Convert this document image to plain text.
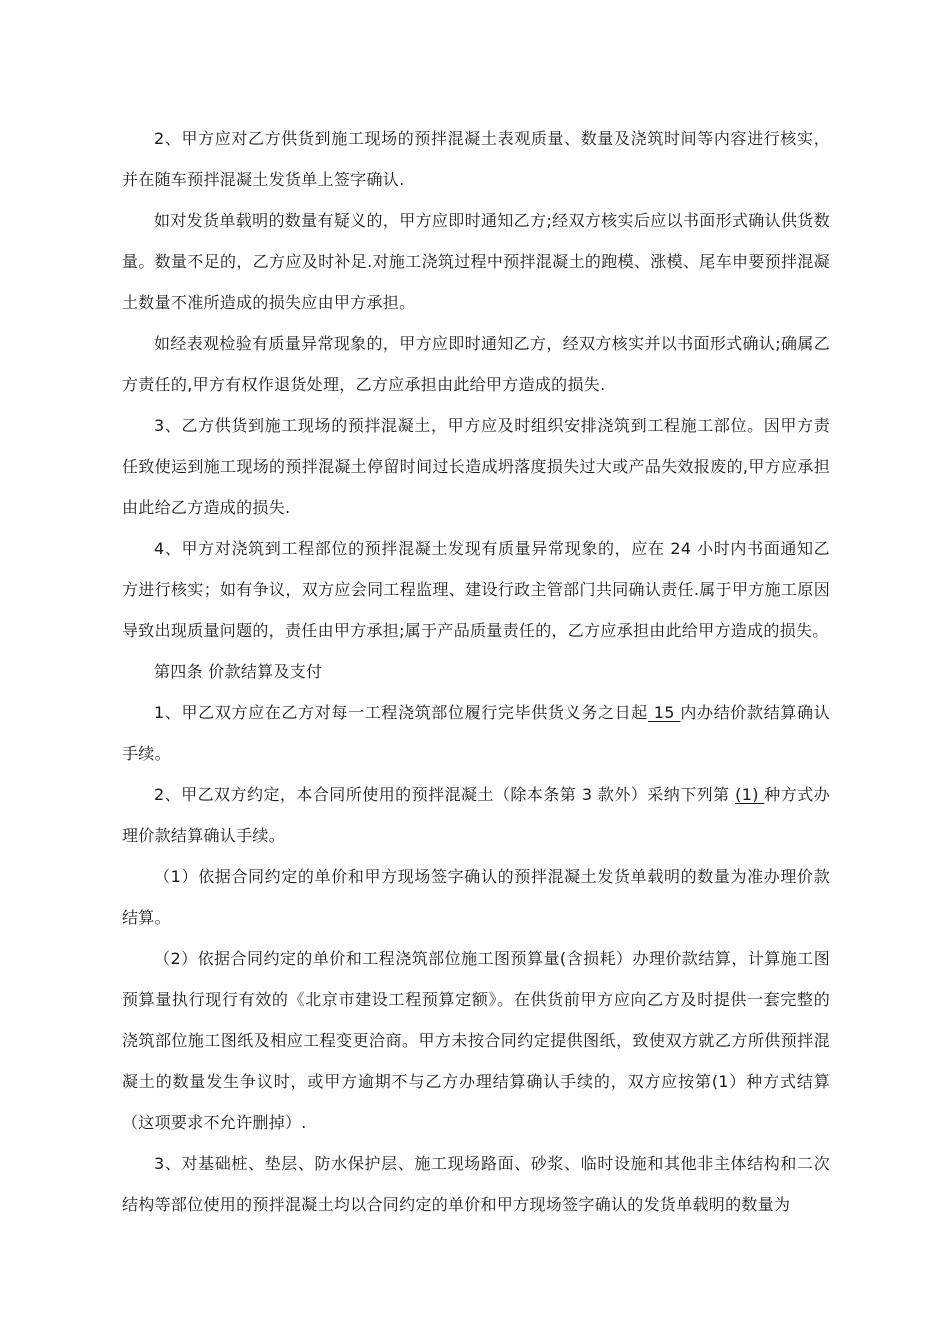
2、甲方应对乙方供货到施工现场的预拌混凝土表观质量、数量及浇筑时间等内容进行核实，并在随车预拌混凝土发货单上签字确认.

如对发货单载明的数量有疑义的，甲方应即时通知乙方;经双方核实后应以书面形式确认供货数量。数量不足的，乙方应及时补足.对施工浇筑过程中预拌混凝土的跑模、涨模、尾车申要预拌混凝土数量不准所造成的损失应由甲方承担。

如经表观检验有质量异常现象的，甲方应即时通知乙方，经双方核实并以书面形式确认;确属乙方责任的,甲方有权作退货处理，乙方应承担由此给甲方造成的损失.

3、乙方供货到施工现场的预拌混凝土，甲方应及时组织安排浇筑到工程施工部位。因甲方责任致使运到施工现场的预拌混凝土停留时间过长造成坍落度损失过大或产品失效报废的,甲方应承担由此给乙方造成的损失.

4、甲方对浇筑到工程部位的预拌混凝土发现有质量异常现象的，应在 24 小时内书面通知乙方进行核实；如有争议，双方应会同工程监理、建设行政主管部门共同确认责任.属于甲方施工原因导致出现质量问题的，责任由甲方承担;属于产品质量责任的，乙方应承担由此给甲方造成的损失。

第四条 价款结算及支付

1、甲乙双方应在乙方对每一工程浇筑部位履行完毕供货义务之日起 15 内办结价款结算确认手续。

2、甲乙双方约定，本合同所使用的预拌混凝土（除本条第 3 款外）采纳下列第 (1) 种方式办理价款结算确认手续。

（1）依据合同约定的单价和甲方现场签字确认的预拌混凝土发货单载明的数量为准办理价款结算。

（2）依据合同约定的单价和工程浇筑部位施工图预算量(含损耗）办理价款结算，计算施工图预算量执行现行有效的《北京市建设工程预算定额》。在供货前甲方应向乙方及时提供一套完整的浇筑部位施工图纸及相应工程变更洽商。甲方未按合同约定提供图纸，致使双方就乙方所供预拌混凝土的数量发生争议时，或甲方逾期不与乙方办理结算确认手续的，双方应按第(1）种方式结算（这项要求不允许删掉）.

3、对基础桩、垫层、防水保护层、施工现场路面、砂浆、临时设施和其他非主体结构和二次结构等部位使用的预拌混凝土均以合同约定的单价和甲方现场签字确认的发货单载明的数量为
